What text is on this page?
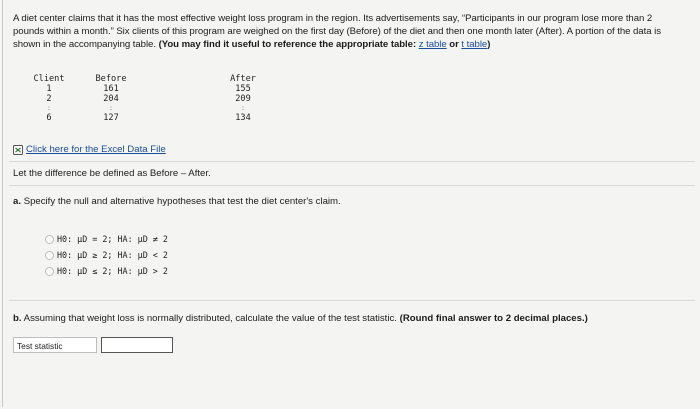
A diet center claims that it has the most effective weight loss program in the region. Its advertisements say, “Participants in our program lose more than 2 pounds within a month.” Six clients of this program are weighed on the first day (Before) of the diet and then one month later (After). A portion of the data is shown in the accompanying table. (You may find it useful to reference the appropriate table: z table or t table)
Client	Before	After
1	161	155
2	204	209
:	:	:
6	127	134
Click here for the Excel Data File
Let the difference be defined as Before – After.
a. Specify the null and alternative hypotheses that test the diet center's claim.
H0: μD = 2; HA: μD ≠ 2
H0: μD ≥ 2; HA: μD < 2
H0: μD ≤ 2; HA: μD > 2
b. Assuming that weight loss is normally distributed, calculate the value of the test statistic. (Round final answer to 2 decimal places.)
Test statistic
